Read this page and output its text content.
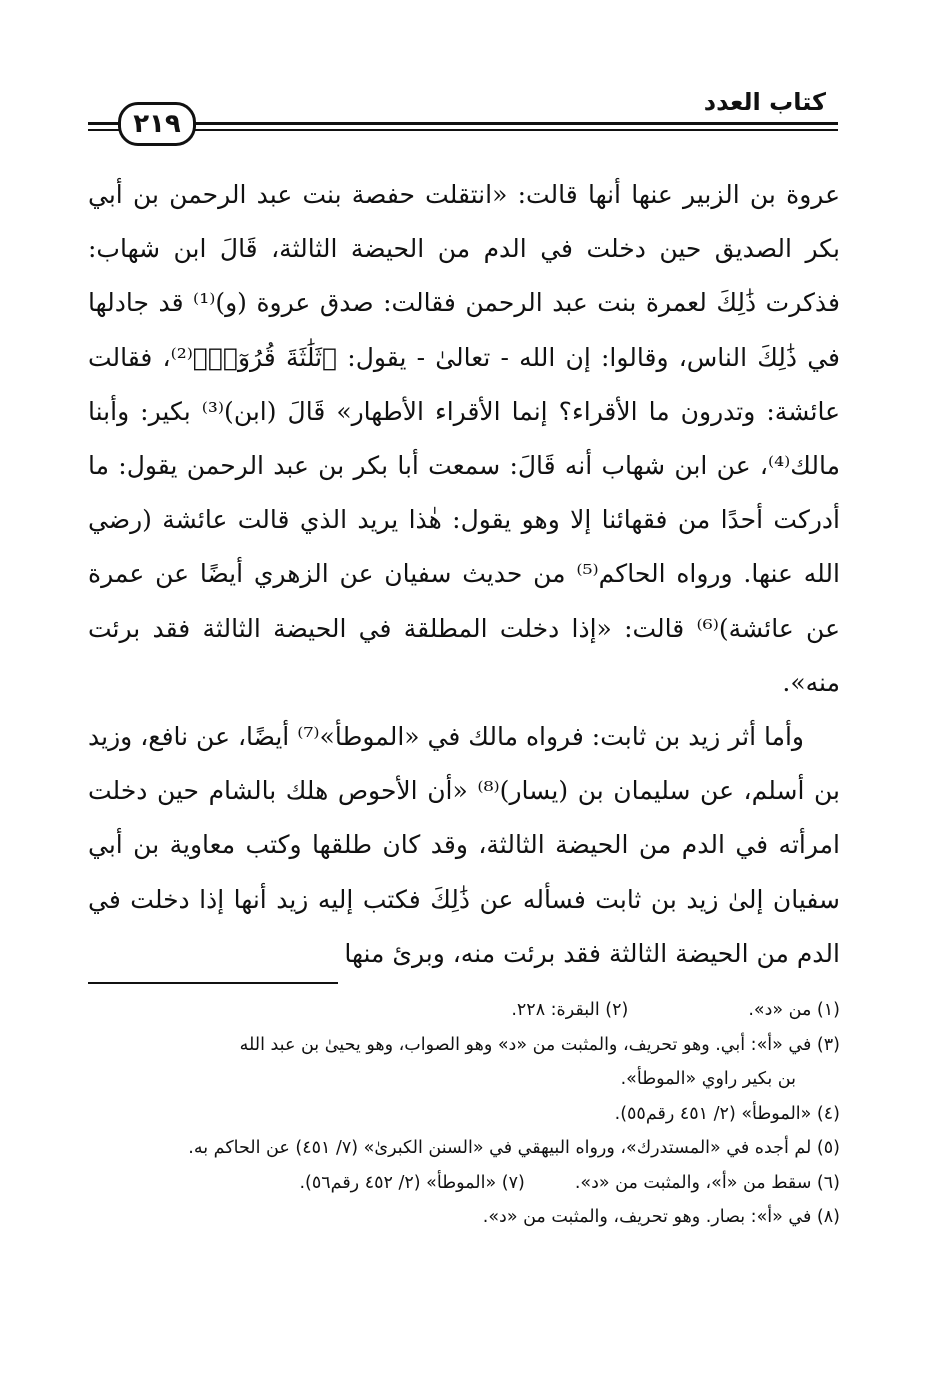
٢١٩
كتاب العدد

عروة بن الزبير عنها أنها قالت: «انتقلت حفصة بنت عبد الرحمن بن أبي بكر الصديق حين دخلت في الدم من الحيضة الثالثة، قَالَ ابن شهاب: فذكرت ذَٰلِكَ لعمرة بنت عبد الرحمن فقالت: صدق عروة (و)⁽¹⁾ قد جادلها في ذَٰلِكَ الناس، وقالوا: إن الله - تعالىٰ - يقول: ﴿ثَلَٰثَةَ قُرُوٓءٖ﴾⁽²⁾، فقالت عائشة: وتدرون ما الأقراء؟ إنما الأقراء الأطهار» قَالَ (ابن)⁽³⁾ بكير: وأبنا مالك⁽⁴⁾، عن ابن شهاب أنه قَالَ: سمعت أبا بكر بن عبد الرحمن يقول: ما أدركت أحدًا من فقهائنا إلا وهو يقول: هٰذا يريد الذي قالت عائشة (رضي الله عنها. ورواه الحاكم⁽⁵⁾ من حديث سفيان عن الزهري أيضًا عن عمرة عن عائشة)⁽⁶⁾ قالت: «إذا دخلت المطلقة في الحيضة الثالثة فقد برئت منه».

وأما أثر زيد بن ثابت: فرواه مالك في «الموطأ»⁽⁷⁾ أيضًا، عن نافع، وزيد بن أسلم، عن سليمان بن (يسار)⁽⁸⁾ «أن الأحوص هلك بالشام حين دخلت امرأته في الدم من الحيضة الثالثة، وقد كان طلقها وكتب معاوية بن أبي سفيان إلىٰ زيد بن ثابت فسأله عن ذَٰلِكَ فكتب إليه زيد أنها إذا دخلت في الدم من الحيضة الثالثة فقد برئت منه، وبرئ منها

(١) من «د».(٢) البقرة: ٢٢٨.
(٣) في «أ»: أبي. وهو تحريف، والمثبت من «د» وهو الصواب، وهو يحيىٰ بن عبد الله
بن بكير راوي «الموطأ».
(٤) «الموطأ» (٢/ ٤٥١ رقم٥٥).
(٥) لم أجده في «المستدرك»، ورواه البيهقي في «السنن الكبرىٰ» (٧/ ٤٥١) عن الحاكم به.
(٦) سقط من «أ»، والمثبت من «د».(٧) «الموطأ» (٢/ ٤٥٢ رقم٥٦).
(٨) في «أ»: بصار. وهو تحريف، والمثبت من «د».
